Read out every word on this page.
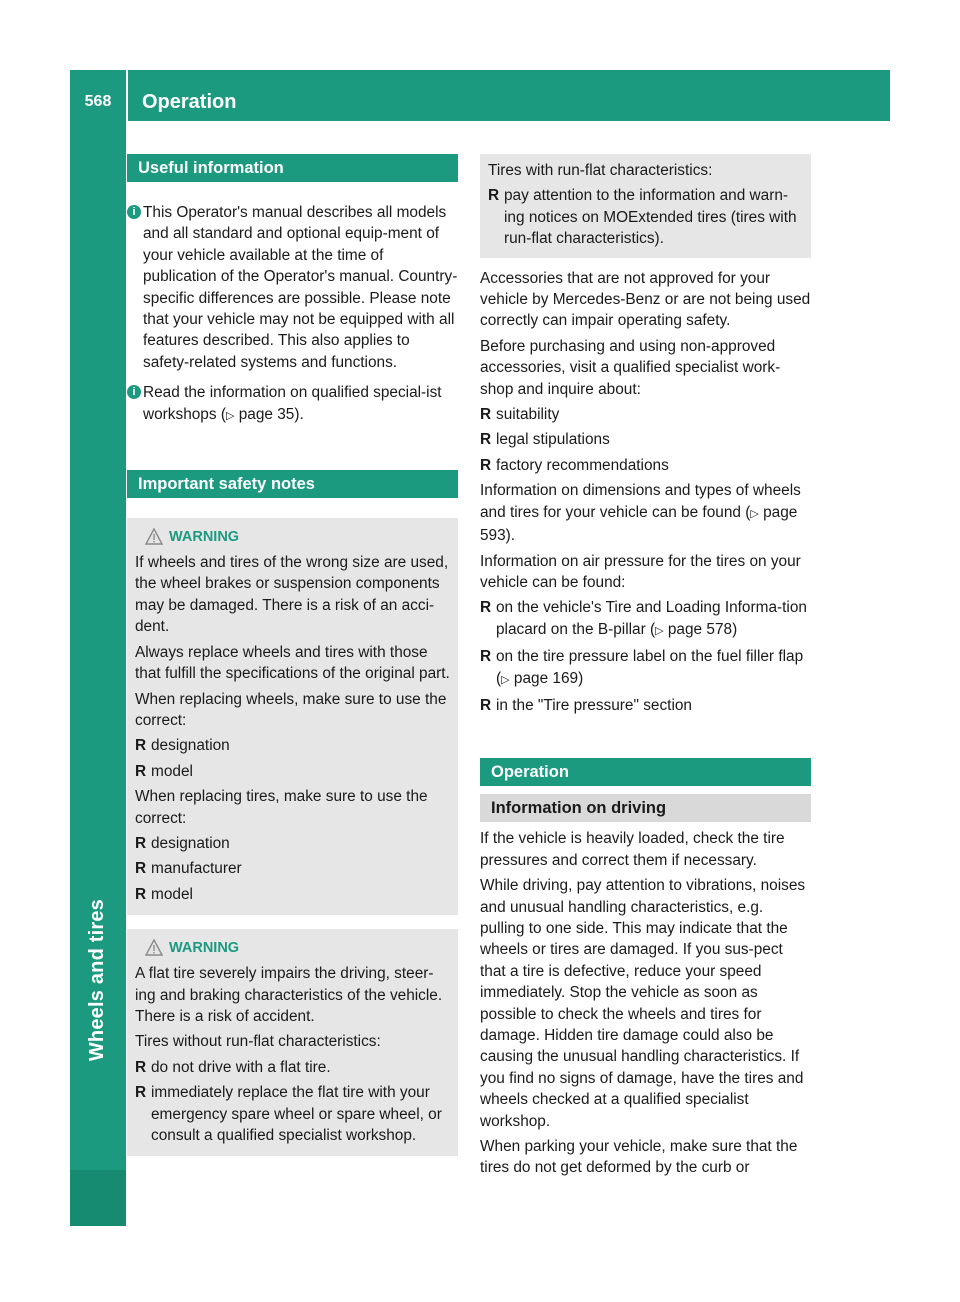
568	Operation
Wheels and tires
Useful information
i This Operator's manual describes all models and all standard and optional equip-ment of your vehicle available at the time of publication of the Operator's manual. Country-specific differences are possible. Please note that your vehicle may not be equipped with all features described. This also applies to safety-related systems and functions.
i Read the information on qualified special-ist workshops (▷ page 35).
Important safety notes
WARNING

If wheels and tires of the wrong size are used, the wheel brakes or suspension components may be damaged. There is a risk of an acci-dent.

Always replace wheels and tires with those that fulfill the specifications of the original part.

When replacing wheels, make sure to use the correct:

R designation
R model

When replacing tires, make sure to use the correct:

R designation
R manufacturer
R model
WARNING

A flat tire severely impairs the driving, steer-ing and braking characteristics of the vehicle. There is a risk of accident.

Tires without run-flat characteristics:

R do not drive with a flat tire.
R immediately replace the flat tire with your emergency spare wheel or spare wheel, or consult a qualified specialist workshop.

Tires with run-flat characteristics:

R pay attention to the information and warn-ing notices on MOExtended tires (tires with run-flat characteristics).

Accessories that are not approved for your vehicle by Mercedes-Benz or are not being used correctly can impair operating safety.

Before purchasing and using non-approved accessories, visit a qualified specialist work-shop and inquire about:

R suitability
R legal stipulations
R factory recommendations

Information on dimensions and types of wheels and tires for your vehicle can be found (▷ page 593).

Information on air pressure for the tires on your vehicle can be found:

R on the vehicle's Tire and Loading Informa-tion placard on the B-pillar (▷ page 578)
R on the tire pressure label on the fuel filler flap (▷ page 169)
R in the "Tire pressure" section
Operation
Information on driving

If the vehicle is heavily loaded, check the tire pressures and correct them if necessary.

While driving, pay attention to vibrations, noises and unusual handling characteristics, e.g. pulling to one side. This may indicate that the wheels or tires are damaged. If you sus-pect that a tire is defective, reduce your speed immediately. Stop the vehicle as soon as possible to check the wheels and tires for damage. Hidden tire damage could also be causing the unusual handling characteristics. If you find no signs of damage, have the tires and wheels checked at a qualified specialist workshop.

When parking your vehicle, make sure that the tires do not get deformed by the curb or
